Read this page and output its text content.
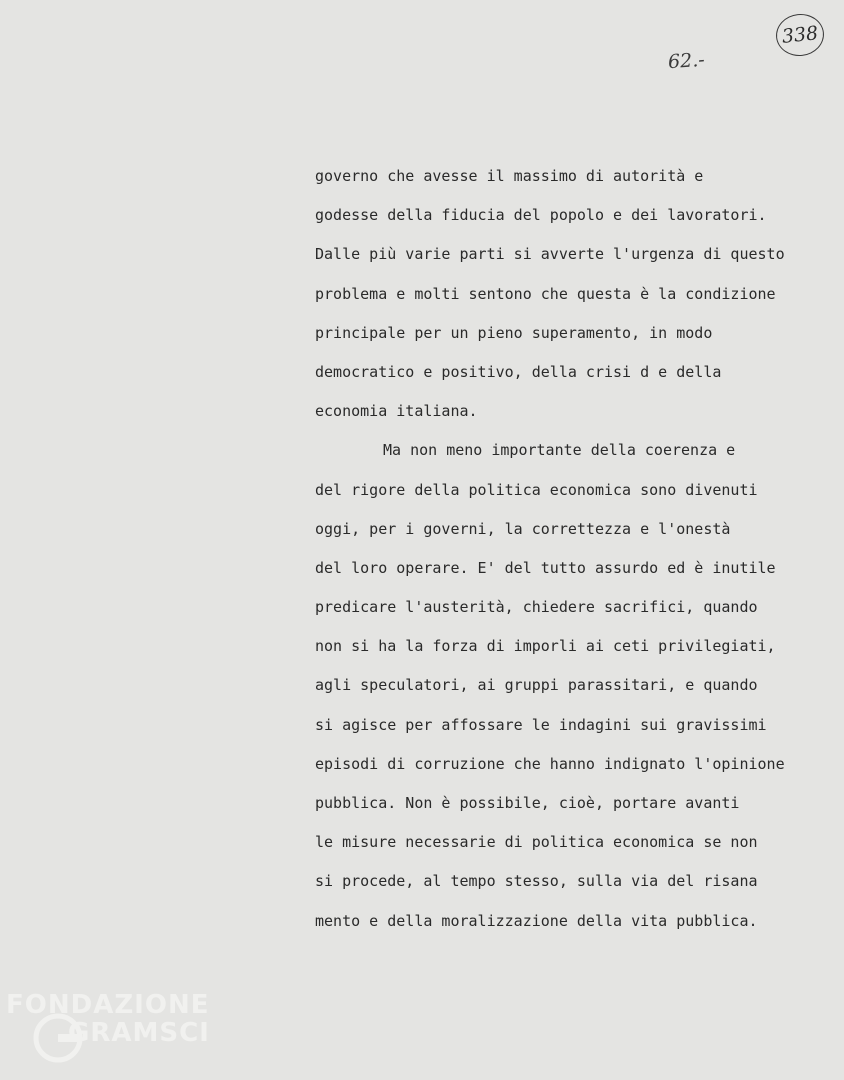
338
62.-
governo che avesse il massimo di autorità e
godesse della fiducia del popolo e dei lavoratori.
Dalle più varie parti si avverte l'urgenza di questo
problema e molti sentono che questa è la condizione
principale per un pieno superamento, in modo
democratico e positivo, della crisi d e della
economia italiana.
Ma non meno importante della coerenza e
del rigore della politica economica sono divenuti
oggi, per i governi, la correttezza e l'onestà
del loro operare. E' del tutto assurdo ed è inutile
predicare l'austerità, chiedere sacrifici, quando
non si ha la forza di imporli ai ceti privilegiati,
agli speculatori, ai gruppi parassitari, e quando
si agisce per affossare le indagini sui gravissimi
episodi di corruzione che hanno indignato l'opinione
pubblica. Non è possibile, cioè, portare avanti
le misure necessarie di politica economica se non
si procede, al tempo stesso, sulla via del risana
mento e della moralizzazione della vita pubblica.
FONDAZIONE
GRAMSCI
